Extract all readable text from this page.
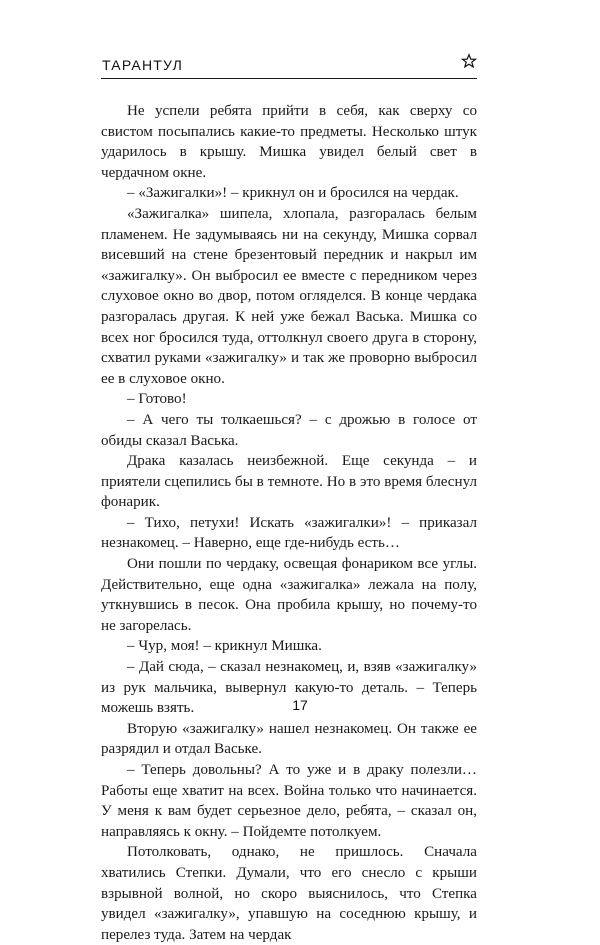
ТАРАНТУЛ

Не успели ребята прийти в себя, как сверху со свистом посыпались какие-то предметы. Несколько штук ударилось в крышу. Мишка увидел белый свет в чердачном окне.

– «Зажигалки»! – крикнул он и бросился на чердак.

«Зажигалка» шипела, хлопала, разгоралась белым пламенем. Не задумываясь ни на секунду, Мишка сорвал висевший на стене брезентовый передник и накрыл им «зажигалку». Он выбросил ее вместе с передником через слуховое окно во двор, потом огляделся. В конце чердака разгоралась другая. К ней уже бежал Васька. Мишка со всех ног бросился туда, оттолкнул своего друга в сторону, схватил руками «зажигалку» и так же проворно выбросил ее в слуховое окно.

– Готово!

– А чего ты толкаешься? – с дрожью в голосе от обиды сказал Васька.

Драка казалась неизбежной. Еще секунда – и приятели сцепились бы в темноте. Но в это время блеснул фонарик.

– Тихо, петухи! Искать «зажигалки»! – приказал незнакомец. – Наверно, еще где-нибудь есть…

Они пошли по чердаку, освещая фонариком все углы. Действительно, еще одна «зажигалка» лежала на полу, уткнувшись в песок. Она пробила крышу, но почему-то не загорелась.

– Чур, моя! – крикнул Мишка.

– Дай сюда, – сказал незнакомец, и, взяв «зажигалку» из рук мальчика, вывернул какую-то деталь. – Теперь можешь взять.

Вторую «зажигалку» нашел незнакомец. Он также ее разрядил и отдал Ваське.

– Теперь довольны? А то уже и в драку полезли… Работы еще хватит на всех. Война только что начинается. У меня к вам будет серьезное дело, ребята, – сказал он, направляясь к окну. – Пойдемте потолкуем.

Потолковать, однако, не пришлось. Сначала хватились Степки. Думали, что его снесло с крыши взрывной волной, но скоро выяснилось, что Степка увидел «зажигалку», упавшую на соседнюю крышу, и перелез туда. Затем на чердак

17
